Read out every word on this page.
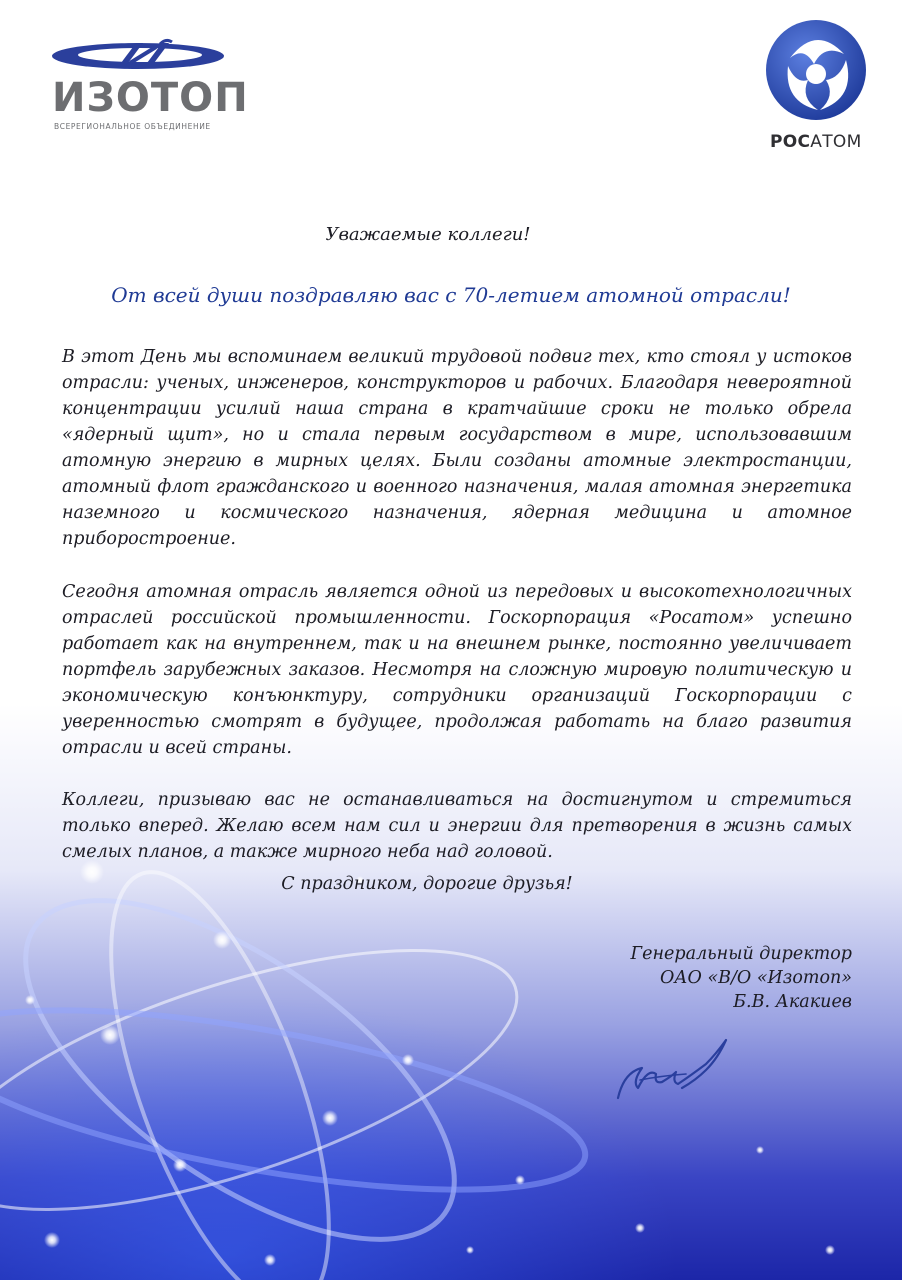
ИЗОТОП
ВСЕРЕГИОНАЛЬНОЕ ОБЪЕДИНЕНИЕ
РОСАТОМ
Уважаемые коллеги!
От всей души поздравляю вас с 70-летием атомной отрасли!
В этот День мы вспоминаем великий трудовой подвиг тех, кто стоял у истоков отрасли: ученых, инженеров, конструкторов и рабочих. Благодаря невероятной концентрации усилий наша страна в кратчайшие сроки не только обрела «ядерный щит», но и стала первым государством в мире, использовавшим атомную энергию в мирных целях. Были созданы атомные электростанции, атомный флот гражданского и военного назначения, малая атомная энергетика наземного и космического назначения, ядерная медицина и атомное приборостроение.
Сегодня атомная отрасль является одной из передовых и высокотехнологичных отраслей российской промышленности. Госкорпорация «Росатом» успешно работает как на внутреннем, так и на внешнем рынке, постоянно увеличивает портфель зарубежных заказов. Несмотря на сложную мировую политическую и экономическую конъюнктуру, сотрудники организаций Госкорпорации с уверенностью смотрят в будущее, продолжая работать на благо развития отрасли и всей страны.
Коллеги, призываю вас не останавливаться на достигнутом и стремиться только вперед. Желаю всем нам сил и энергии для претворения в жизнь самых смелых планов, а также мирного неба над головой.
С праздником, дорогие друзья!
Генеральный директор
ОАО «В/О «Изотоп»
Б.В. Акакиев
